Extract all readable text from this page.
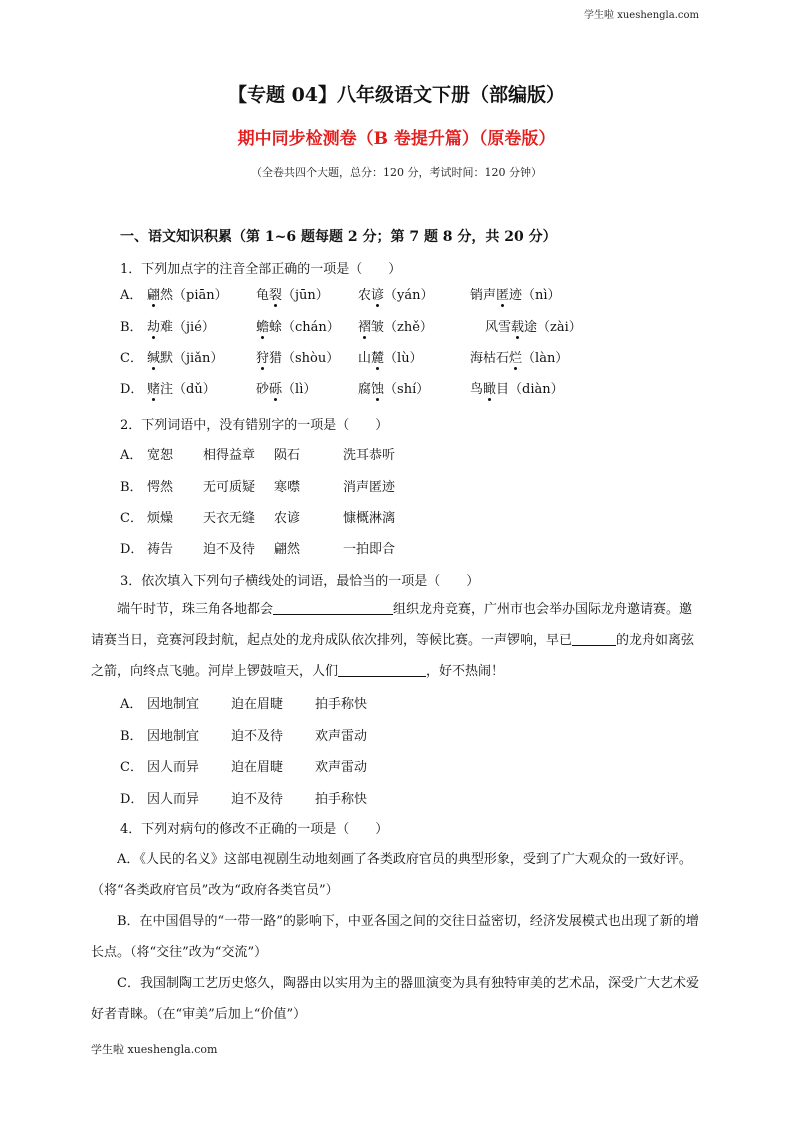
学生啦 xueshengla.com
【专题 04】八年级语文下册（部编版）
期中同步检测卷（B 卷提升篇）（原卷版）
（全卷共四个大题，总分：120 分，考试时间：120 分钟）
一、语文知识积累（第 1~6 题每题 2 分；第 7 题 8 分，共 20 分）
1．下列加点字的注音全部正确的一项是（　　）
A． 翩然（piān） 龟裂（jūn） 农谚（yán）	销声匿迹（nì）
B． 劫难（jié）	蟾蜍（chán） 褶皱（zhě）	风雪载途（zài）
C． 缄默（jiǎn）	狩猎（shòu） 山麓（lù）	海枯石烂（làn）
D． 赌注（dǔ）	砂砾（lì）	腐蚀（shí）	鸟瞰目（diàn）
2．下列词语中，没有错别字的一项是（　　）
A． 宽恕 相得益章 陨石	洗耳恭听
B． 愕然 无可质疑 寒噤	消声匿迹
C． 烦燥 天衣无缝 农谚	慷概淋漓
D． 祷告 迫不及待 翩然	一拍即合
3．依次填入下列句子横线处的词语，最恰当的一项是（　　）
端午时节，珠三角各地都会	组织龙舟竞赛，广州市也会举办国际龙舟邀请赛。邀请赛当日，竞赛河段封航，起点处的龙舟成队依次排列，等候比赛。一声锣响，早已	的龙舟如离弦之箭，向终点飞驰。河岸上锣鼓喧天，人们	，好不热闹！
A． 因地制宜 迫在眉睫 拍手称快
B． 因地制宜 迫不及待 欢声雷动
C． 因人而异 迫在眉睫 欢声雷动
D． 因人而异 迫不及待 拍手称快
4．下列对病句的修改不正确的一项是（　　）
A．《人民的名义》这部电视剧生动地刻画了各类政府官员的典型形象，受到了广大观众的一致好评。（将“各类政府官员”改为“政府各类官员”）
B．在中国倡导的“一带一路”的影响下，中亚各国之间的交往日益密切，经济发展模式也出现了新的增长点。（将“交往”改为“交流”）
C．我国制陶工艺历史悠久，陶器由以实用为主的器皿演变为具有独特审美的艺术品，深受广大艺术爱好者青睐。（在“审美”后加上“价值”）
学生啦 xueshengla.com
